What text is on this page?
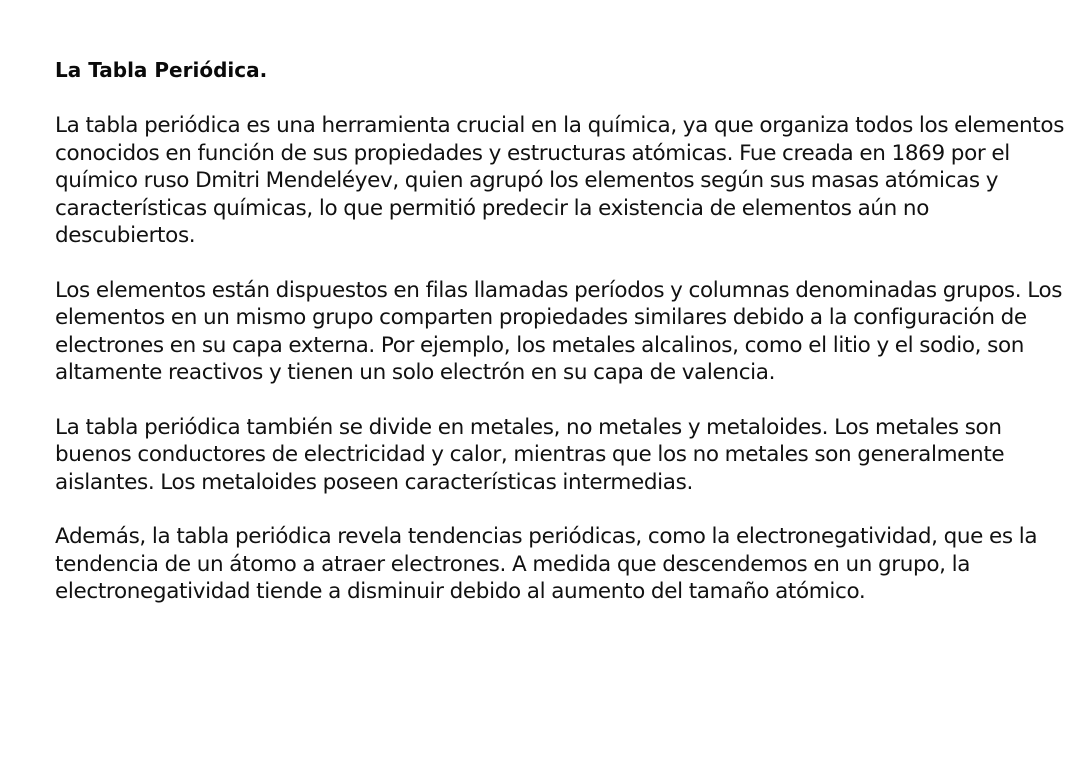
La Tabla Periódica.

La tabla periódica es una herramienta crucial en la química, ya que organiza todos los elementos conocidos en función de sus propiedades y estructuras atómicas. Fue creada en 1869 por el químico ruso Dmitri Mendeléyev, quien agrupó los elementos según sus masas atómicas y características químicas, lo que permitió predecir la existencia de elementos aún no descubiertos.

Los elementos están dispuestos en filas llamadas períodos y columnas denominadas grupos. Los elementos en un mismo grupo comparten propiedades similares debido a la configuración de electrones en su capa externa. Por ejemplo, los metales alcalinos, como el litio y el sodio, son altamente reactivos y tienen un solo electrón en su capa de valencia.

La tabla periódica también se divide en metales, no metales y metaloides. Los metales son buenos conductores de electricidad y calor, mientras que los no metales son generalmente aislantes. Los metaloides poseen características intermedias.

Además, la tabla periódica revela tendencias periódicas, como la electronegatividad, que es la tendencia de un átomo a atraer electrones. A medida que descendemos en un grupo, la electronegatividad tiende a disminuir debido al aumento del tamaño atómico.
